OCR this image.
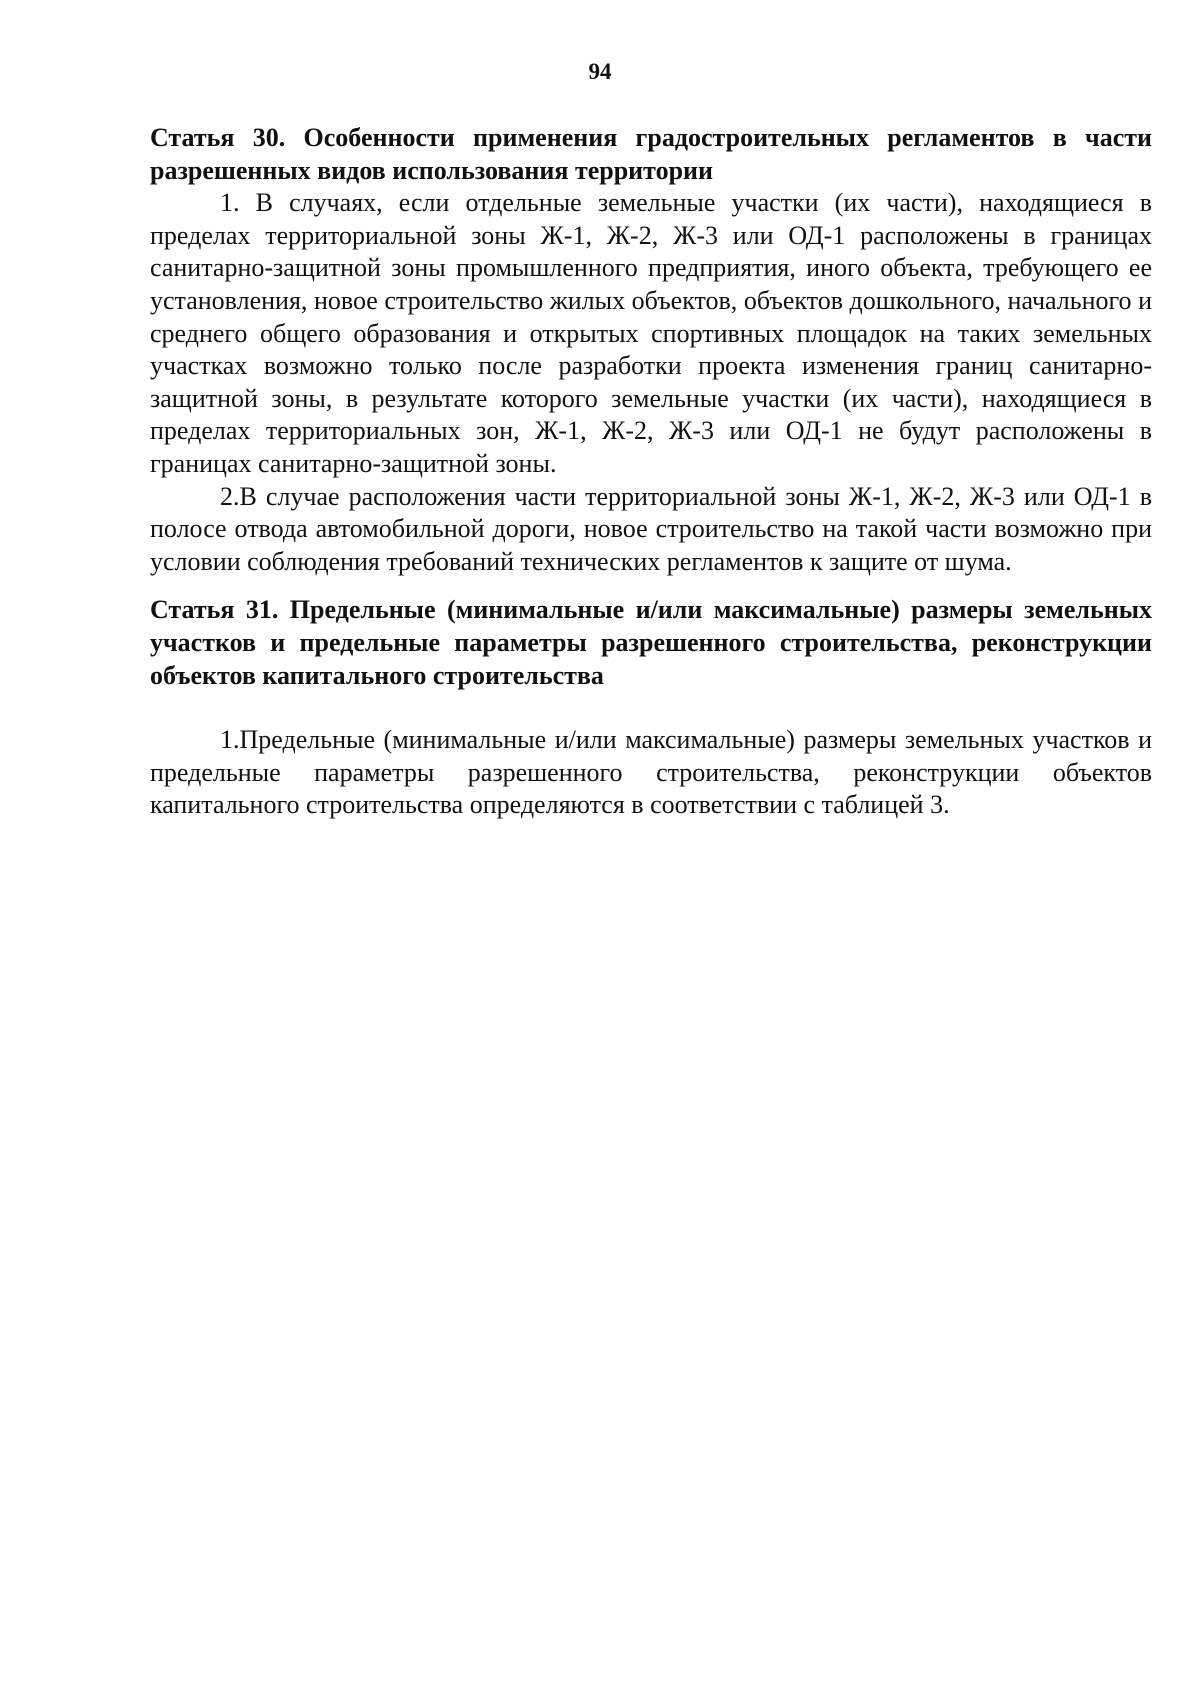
94

Статья 30. Особенности применения градостроительных регламентов в части разрешенных видов использования территории

1. В случаях, если отдельные земельные участки (их части), находящиеся в пределах территориальной зоны Ж-1, Ж-2, Ж-3 или ОД-1 расположены в границах санитарно-защитной зоны промышленного предприятия, иного объекта, требующего ее установления, новое строительство жилых объектов, объектов дошкольного, начального и среднего общего образования и открытых спортивных площадок на таких земельных участках возможно только после разработки проекта изменения границ санитарно-защитной зоны, в результате которого земельные участки (их части), находящиеся в пределах территориальных зон, Ж-1, Ж-2, Ж-3 или ОД-1 не будут расположены в границах санитарно-защитной зоны.

2.В случае расположения части территориальной зоны Ж-1, Ж-2, Ж-3 или ОД-1 в полосе отвода автомобильной дороги, новое строительство на такой части возможно при условии соблюдения требований технических регламентов к защите от шума.

Статья 31. Предельные (минимальные и/или максимальные) размеры земельных участков и предельные параметры разрешенного строительства, реконструкции объектов капитального строительства

1.Предельные (минимальные и/или максимальные) размеры земельных участков и предельные параметры разрешенного строительства, реконструкции объектов капитального строительства определяются в соответствии с таблицей 3.
